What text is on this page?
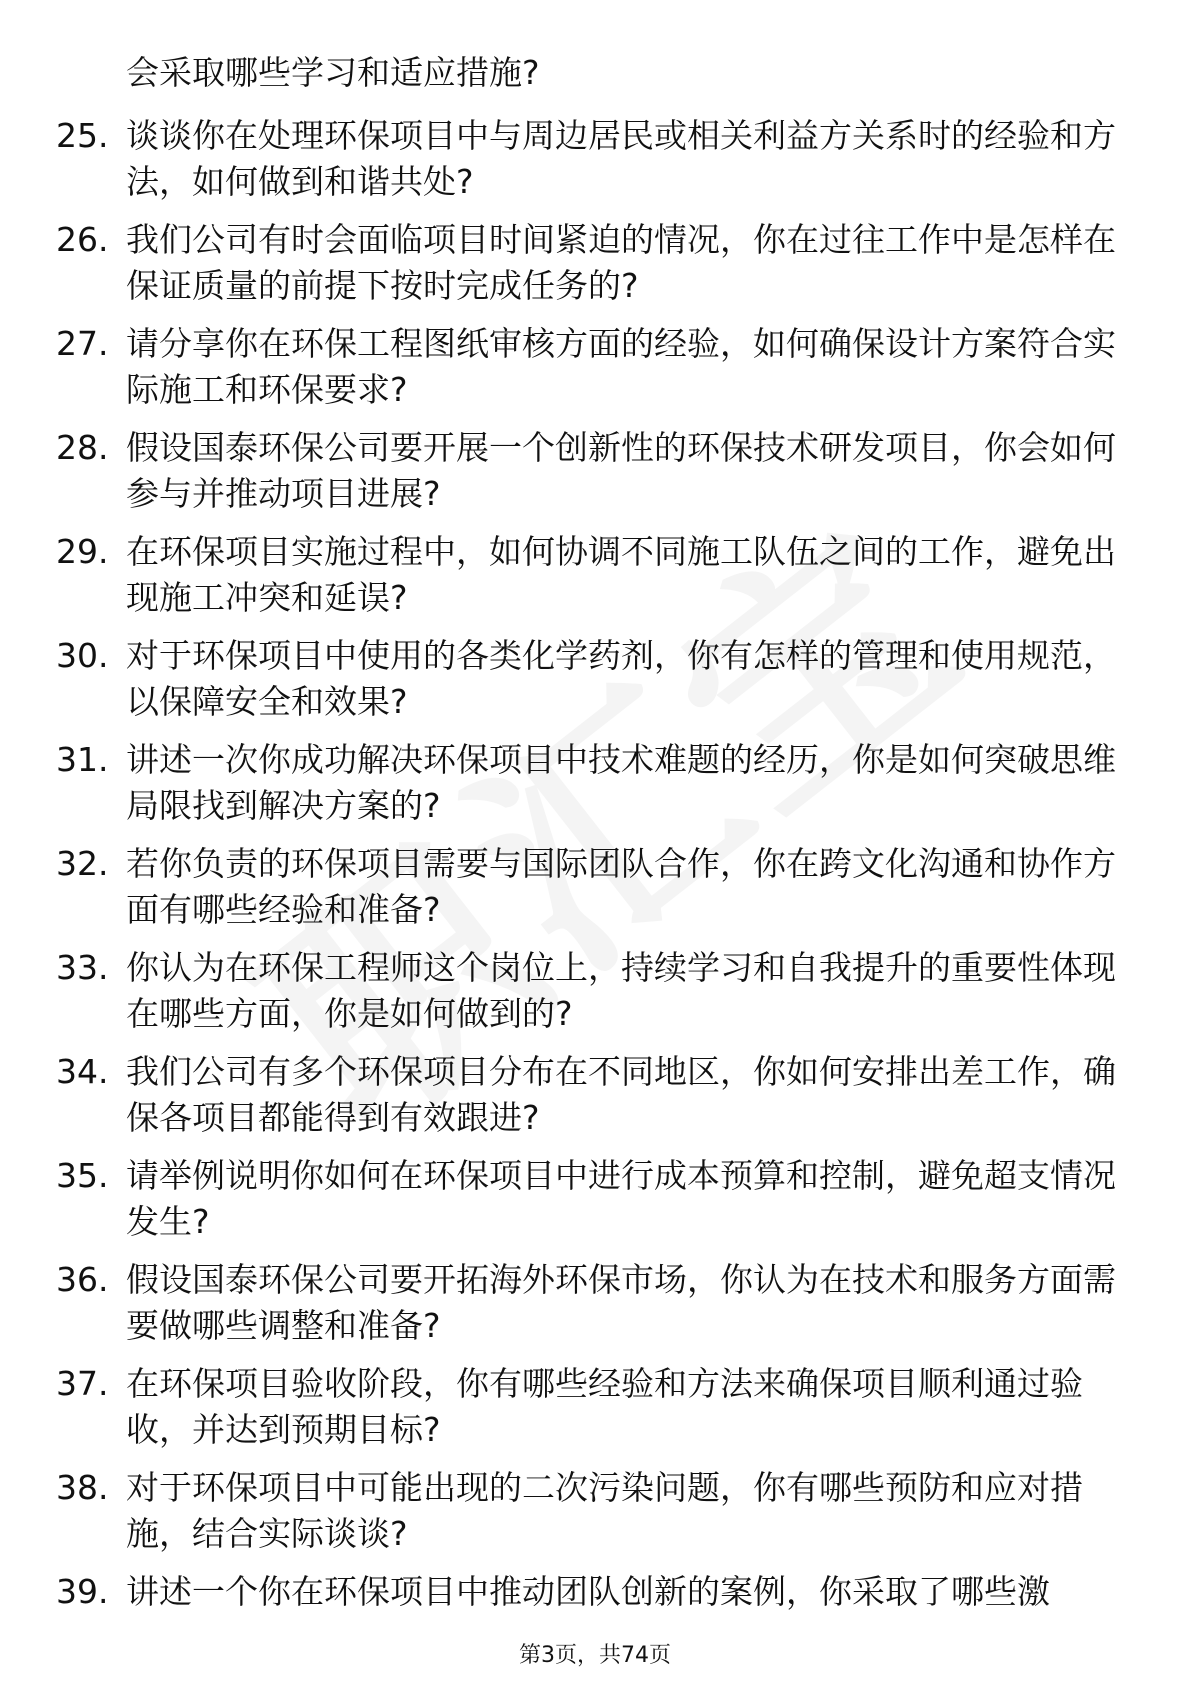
会采取哪些学习和适应措施?
25. 谈谈你在处理环保项目中与周边居民或相关利益方关系时的经验和方法，如何做到和谐共处?
26. 我们公司有时会面临项目时间紧迫的情况，你在过往工作中是怎样在保证质量的前提下按时完成任务的?
27. 请分享你在环保工程图纸审核方面的经验，如何确保设计方案符合实际施工和环保要求?
28. 假设国泰环保公司要开展一个创新性的环保技术研发项目，你会如何参与并推动项目进展?
29. 在环保项目实施过程中，如何协调不同施工队伍之间的工作，避免出现施工冲突和延误?
30. 对于环保项目中使用的各类化学药剂，你有怎样的管理和使用规范，以保障安全和效果?
31. 讲述一次你成功解决环保项目中技术难题的经历，你是如何突破思维局限找到解决方案的?
32. 若你负责的环保项目需要与国际团队合作，你在跨文化沟通和协作方面有哪些经验和准备?
33. 你认为在环保工程师这个岗位上，持续学习和自我提升的重要性体现在哪些方面，你是如何做到的?
34. 我们公司有多个环保项目分布在不同地区，你如何安排出差工作，确保各项目都能得到有效跟进?
35. 请举例说明你如何在环保项目中进行成本预算和控制，避免超支情况发生?
36. 假设国泰环保公司要开拓海外环保市场，你认为在技术和服务方面需要做哪些调整和准备?
37. 在环保项目验收阶段，你有哪些经验和方法来确保项目顺利通过验收，并达到预期目标?
38. 对于环保项目中可能出现的二次污染问题，你有哪些预防和应对措施，结合实际谈谈?
39. 讲述一个你在环保项目中推动团队创新的案例，你采取了哪些激
第3页，共74页
